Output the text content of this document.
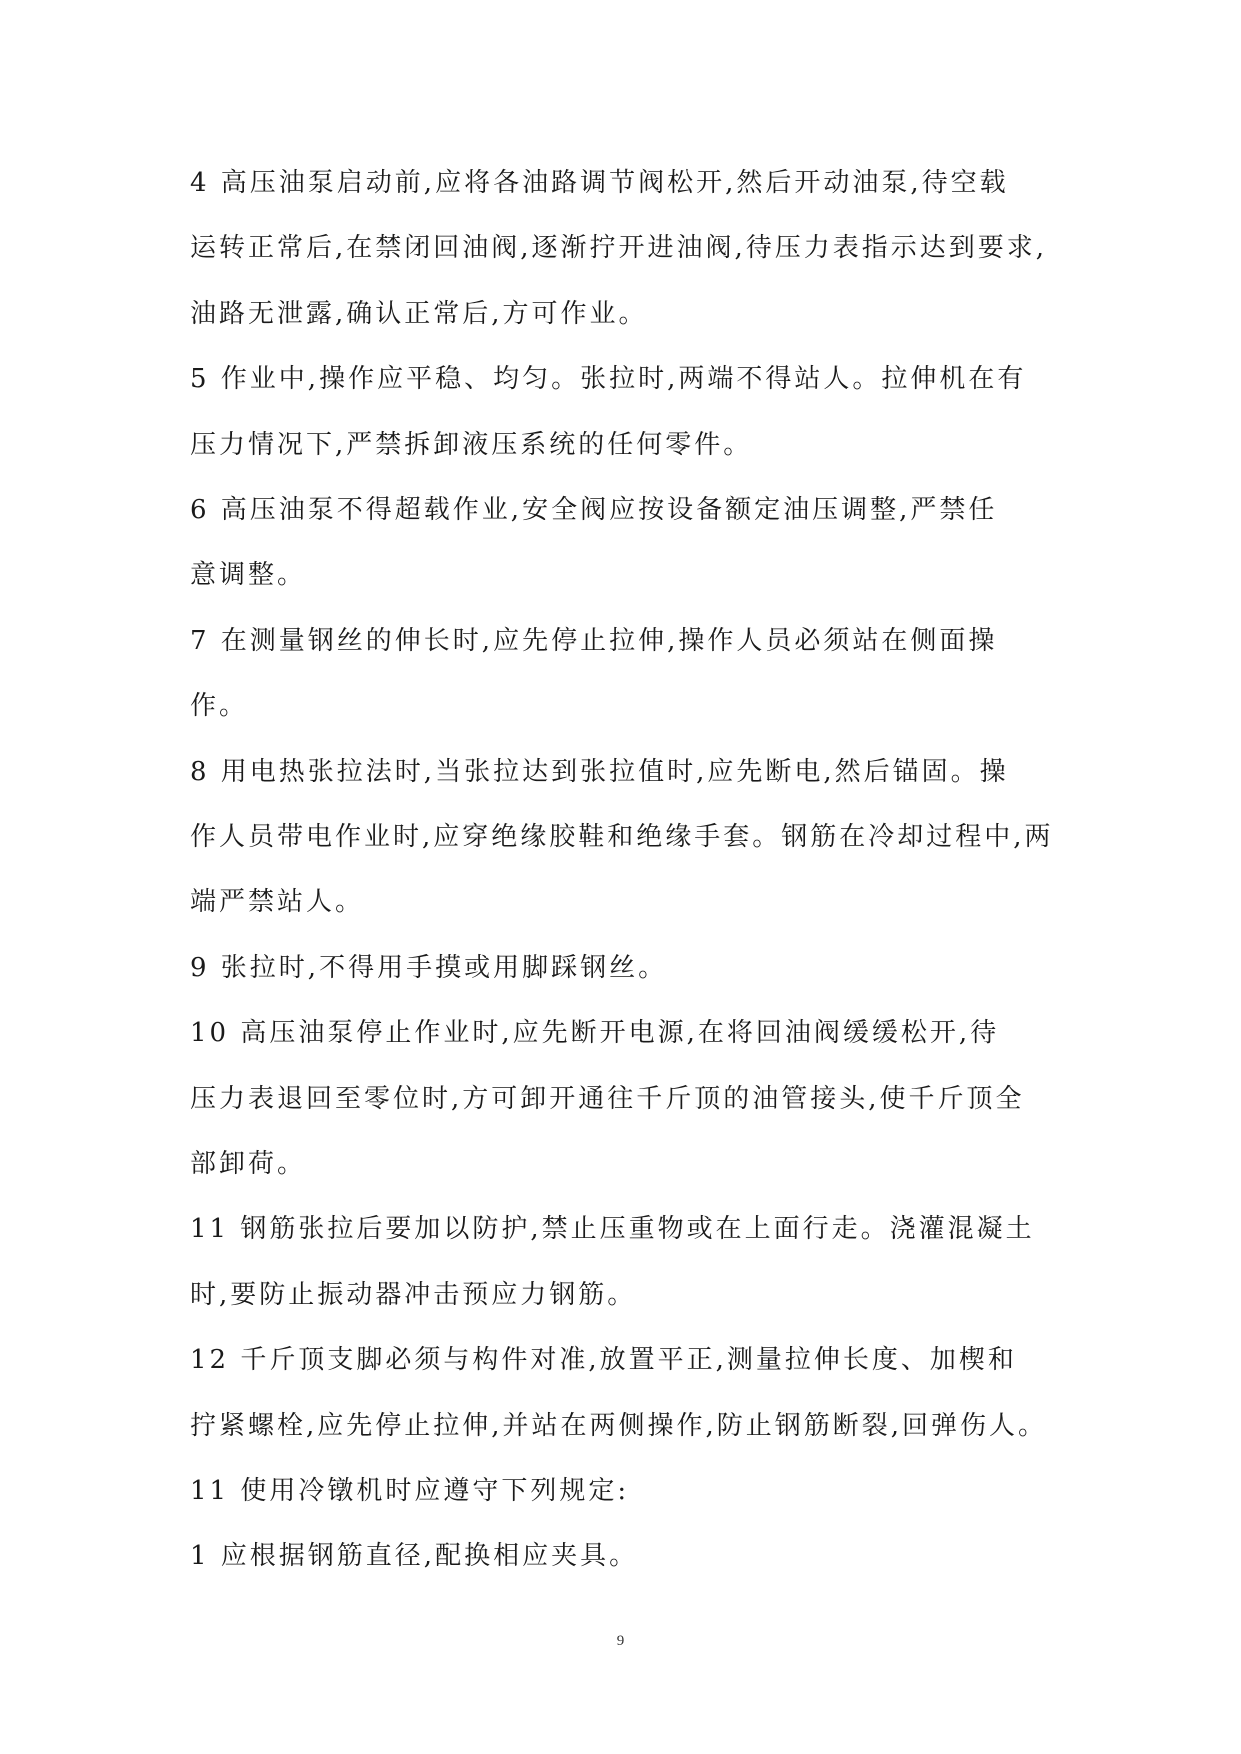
4 高压油泵启动前,应将各油路调节阀松开,然后开动油泵,待空载
运转正常后,在禁闭回油阀,逐渐拧开进油阀,待压力表指示达到要求,
油路无泄露,确认正常后,方可作业。
5 作业中,操作应平稳、均匀。张拉时,两端不得站人。拉伸机在有
压力情况下,严禁拆卸液压系统的任何零件。
6 高压油泵不得超载作业,安全阀应按设备额定油压调整,严禁任
意调整。
7 在测量钢丝的伸长时,应先停止拉伸,操作人员必须站在侧面操
作。
8 用电热张拉法时,当张拉达到张拉值时,应先断电,然后锚固。操
作人员带电作业时,应穿绝缘胶鞋和绝缘手套。钢筋在冷却过程中,两
端严禁站人。
9 张拉时,不得用手摸或用脚踩钢丝。
10 高压油泵停止作业时,应先断开电源,在将回油阀缓缓松开,待
压力表退回至零位时,方可卸开通往千斤顶的油管接头,使千斤顶全
部卸荷。
11 钢筋张拉后要加以防护,禁止压重物或在上面行走。浇灌混凝土
时,要防止振动器冲击预应力钢筋。
12 千斤顶支脚必须与构件对准,放置平正,测量拉伸长度、加楔和
拧紧螺栓,应先停止拉伸,并站在两侧操作,防止钢筋断裂,回弹伤人。
11 使用冷镦机时应遵守下列规定:
1 应根据钢筋直径,配换相应夹具。
9
